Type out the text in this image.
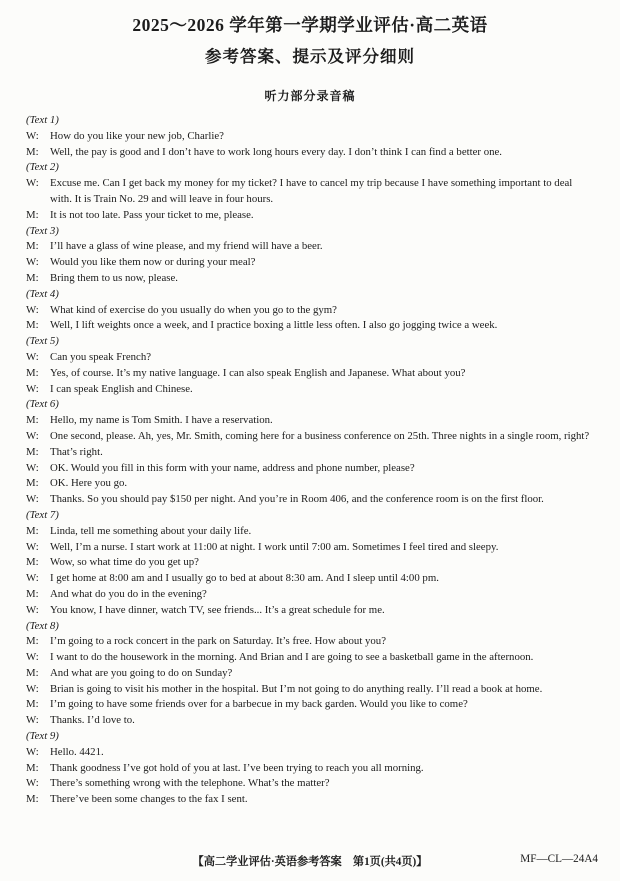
2025～2026 学年第一学期学业评估·高二英语
参考答案、提示及评分细则
听力部分录音稿
(Text 1)
W: How do you like your new job, Charlie?
M: Well, the pay is good and I don’t have to work long hours every day. I don’t think I can find a better one.
(Text 2)
W: Excuse me. Can I get back my money for my ticket? I have to cancel my trip because I have something important to deal with. It is Train No. 29 and will leave in four hours.
M: It is not too late. Pass your ticket to me, please.
(Text 3)
M: I’ll have a glass of wine please, and my friend will have a beer.
W: Would you like them now or during your meal?
M: Bring them to us now, please.
(Text 4)
W: What kind of exercise do you usually do when you go to the gym?
M: Well, I lift weights once a week, and I practice boxing a little less often. I also go jogging twice a week.
(Text 5)
W: Can you speak French?
M: Yes, of course. It’s my native language. I can also speak English and Japanese. What about you?
W: I can speak English and Chinese.
(Text 6)
M: Hello, my name is Tom Smith. I have a reservation.
W: One second, please. Ah, yes, Mr. Smith, coming here for a business conference on 25th. Three nights in a single room, right?
M: That’s right.
W: OK. Would you fill in this form with your name, address and phone number, please?
M: OK. Here you go.
W: Thanks. So you should pay $150 per night. And you’re in Room 406, and the conference room is on the first floor.
(Text 7)
M: Linda, tell me something about your daily life.
W: Well, I’m a nurse. I start work at 11:00 at night. I work until 7:00 am. Sometimes I feel tired and sleepy.
M: Wow, so what time do you get up?
W: I get home at 8:00 am and I usually go to bed at about 8:30 am. And I sleep until 4:00 pm.
M: And what do you do in the evening?
W: You know, I have dinner, watch TV, see friends... It’s a great schedule for me.
(Text 8)
M: I’m going to a rock concert in the park on Saturday. It’s free. How about you?
W: I want to do the housework in the morning. And Brian and I are going to see a basketball game in the afternoon.
M: And what are you going to do on Sunday?
W: Brian is going to visit his mother in the hospital. But I’m not going to do anything really. I’ll read a book at home.
M: I’m going to have some friends over for a barbecue in my back garden. Would you like to come?
W: Thanks. I’d love to.
(Text 9)
W: Hello. 4421.
M: Thank goodness I’ve got hold of you at last. I’ve been trying to reach you all morning.
W: There’s something wrong with the telephone. What’s the matter?
M: There’ve been some changes to the fax I sent.
【高二学业评估·英语参考答案　第1页(共4页)】	MF—CL—24A4
